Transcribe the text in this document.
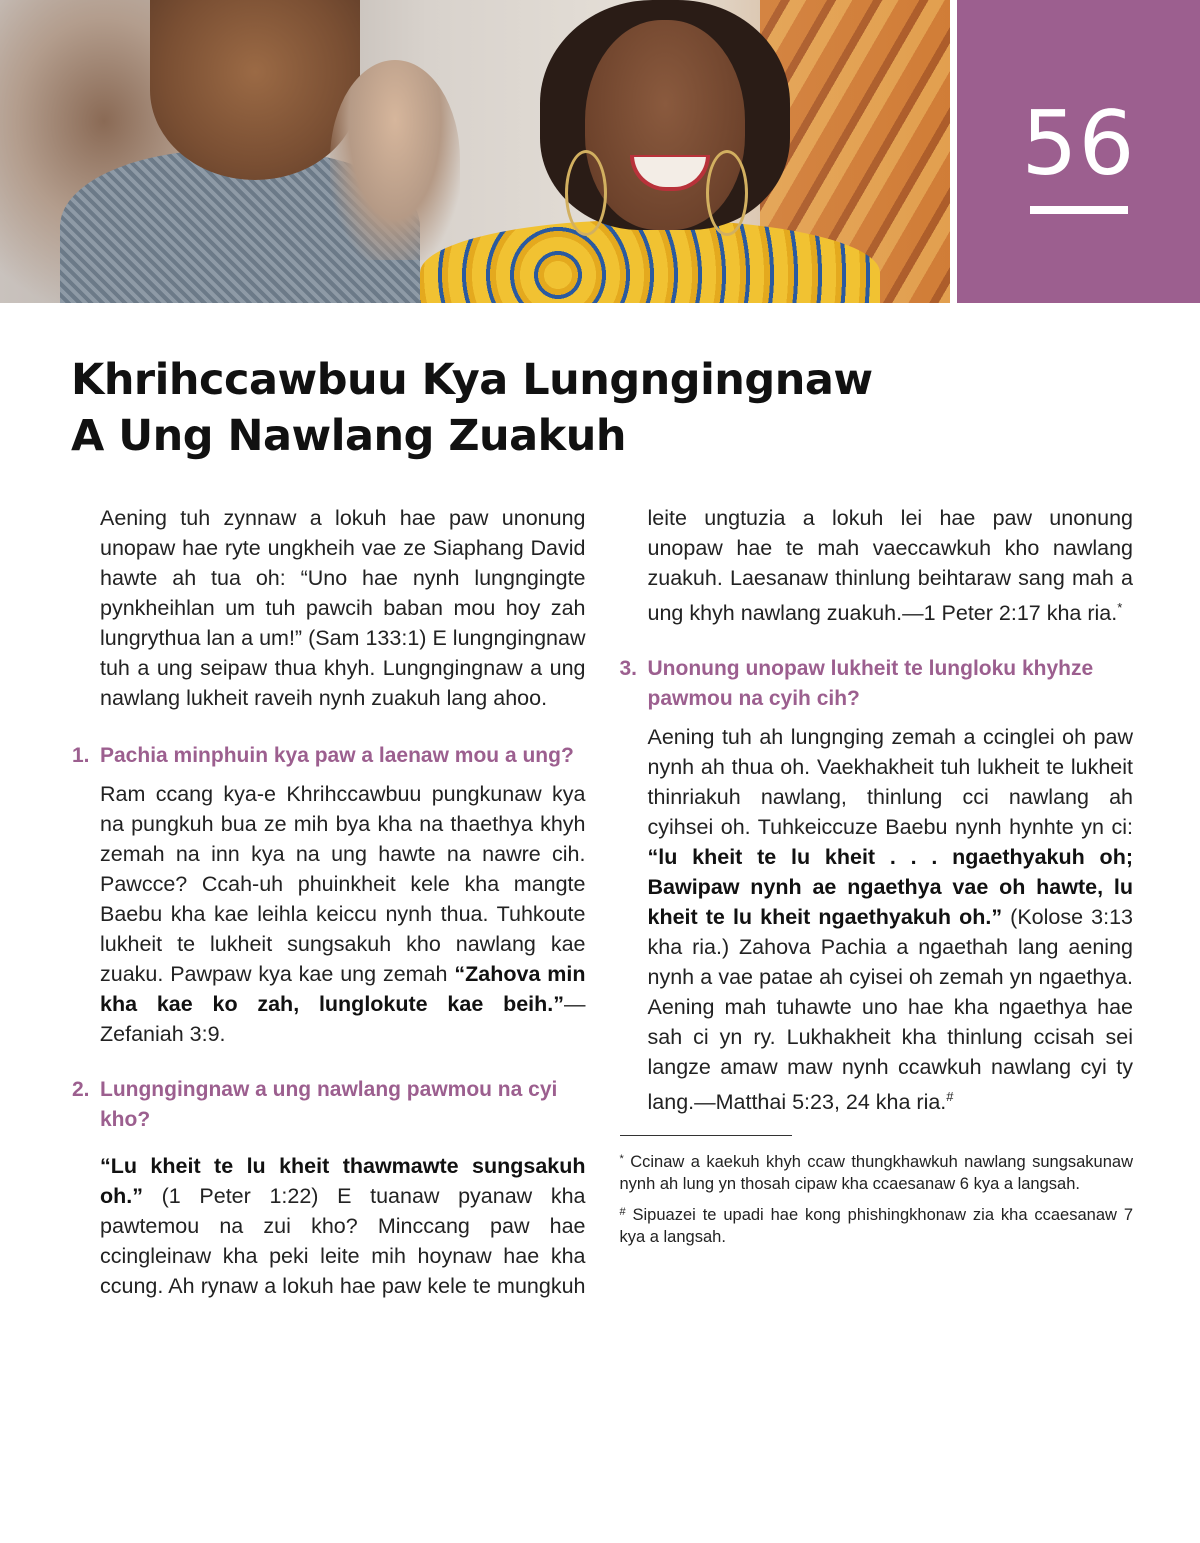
56
Khrihccawbuu Kya Lungngingnaw
A Ung Nawlang Zuakuh

Aening tuh zynnaw a lokuh hae paw unonung unopaw hae ryte ungkheih vae ze Siaphang David hawte ah tua oh: “Uno hae nynh lungngingte pynkheihlan um tuh pawcih baban mou hoy zah lungrythua lan a um!” (Sam 133:1) E lungngingnaw tuh a ung seipaw thua khyh. Lungngingnaw a ung nawlang lukheit raveih nynh zuakuh lang ahoo.

1. Pachia minphuin kya paw a laenaw mou a ung?

Ram ccang kya-e Khrihccawbuu pungkunaw kya na pungkuh bua ze mih bya kha na thaethya khyh zemah na inn kya na ung hawte na nawre cih. Pawcce? Ccah-uh phuinkheit kele kha mangte Baebu kha kae leihla keiccu nynh thua. Tuhkoute lukheit te lukheit sungsakuh kho nawlang kae zuaku. Pawpaw kya kae ung zemah “Zahova min kha kae ko zah, lunglokute kae beih.”—Zefaniah 3:9.

2. Lungngingnaw a ung nawlang pawmou na cyi kho?

“Lu kheit te lu kheit thawmawte sungsakuh oh.” (1 Peter 1:22) E tuanaw pyanaw kha pawtemou na zui kho? Minccang paw hae ccingleinaw kha peki leite mih hoynaw hae kha ccung. Ah rynaw a lokuh hae paw kele te mungkuh leite ungtuzia a lokuh lei hae paw unonung unopaw hae te mah vaeccawkuh kho nawlang zuakuh. Laesanaw thinlung beihtaraw sang mah a ung khyh nawlang zuakuh.—1 Peter 2:17 kha ria.*

3. Unonung unopaw lukheit te lungloku khyhze pawmou na cyih cih?

Aening tuh ah lungnging zemah a ccinglei oh paw nynh ah thua oh. Vaekhakheit tuh lukheit te lukheit thinriakuh nawlang, thinlung cci nawlang ah cyihsei oh. Tuhkeiccuze Baebu nynh hynhte yn ci: “lu kheit te lu kheit . . . ngaethyakuh oh; Bawipaw nynh ae ngaethya vae oh hawte, lu kheit te lu kheit ngaethyakuh oh.” (Kolose 3:13 kha ria.) Zahova Pachia a ngaethah lang aening nynh a vae patae ah cyisei oh zemah yn ngaethya. Aening mah tuhawte uno hae kha ngaethya hae sah ci yn ry. Lukhakheit kha thinlung ccisah sei langze amaw maw nynh ccawkuh nawlang cyi ty lang.—Matthai 5:23, 24 kha ria.#

* Ccinaw a kaekuh khyh ccaw thungkhawkuh nawlang sungsakunaw nynh ah lung yn thosah cipaw kha ccaesanaw 6 kya a langsah.

# Sipuazei te upadi hae kong phishingkhonaw zia kha ccaesanaw 7 kya a langsah.
